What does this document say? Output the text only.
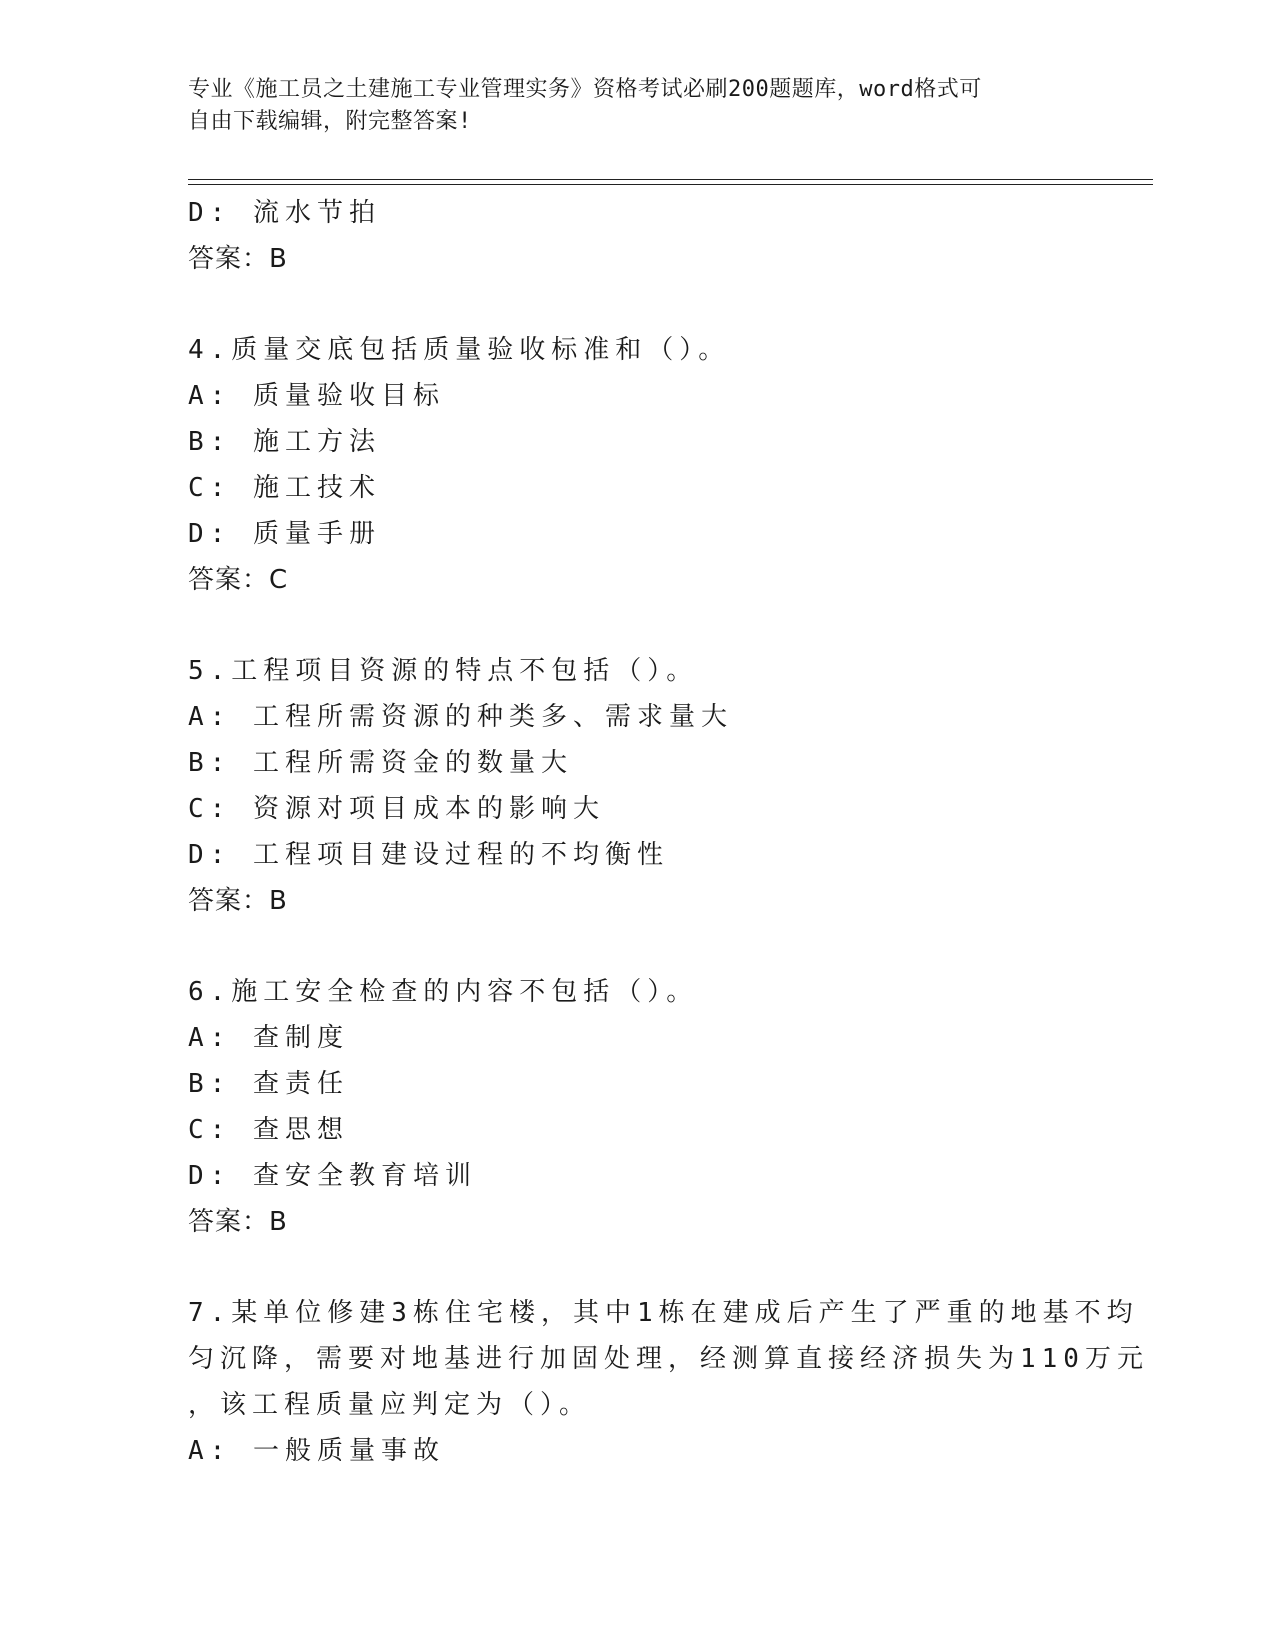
专业《施工员之土建施工专业管理实务》资格考试必刷200题题库，word格式可
自由下载编辑，附完整答案!
D: 流水节拍
答案：B
4.质量交底包括质量验收标准和（）。
A: 质量验收目标
B: 施工方法
C: 施工技术
D: 质量手册
答案：C
5.工程项目资源的特点不包括（）。
A: 工程所需资源的种类多、需求量大
B: 工程所需资金的数量大
C: 资源对项目成本的影响大
D: 工程项目建设过程的不均衡性
答案：B
6.施工安全检查的内容不包括（）。
A: 查制度
B: 查责任
C: 查思想
D: 查安全教育培训
答案：B
7.某单位修建3栋住宅楼，其中1栋在建成后产生了严重的地基不均
匀沉降，需要对地基进行加固处理，经测算直接经济损失为110万元
，该工程质量应判定为（）。
A: 一般质量事故
